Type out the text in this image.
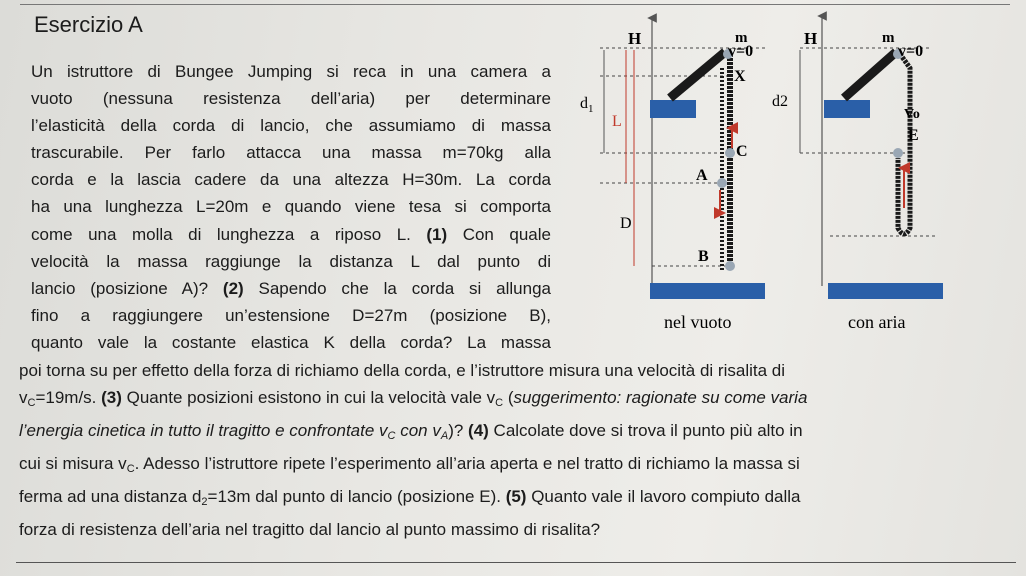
Esercizio A

Un istruttore di Bungee Jumping si reca in una camera a
vuoto (nessuna resistenza dell’aria) per determinare
l’elasticità della corda di lancio, che assumiamo di massa
trascurabile. Per farlo attacca una massa m=70kg alla
corda e la lascia cadere da una altezza H=30m. La corda
ha una lunghezza L=20m e quando viene tesa si comporta
come una molla di lunghezza a riposo L. (1) Con quale
velocità la massa raggiunge la distanza L dal punto di
lancio (posizione A)? (2) Sapendo che la corda si allunga
fino a raggiungere un’estensione D=27m (posizione B),
quanto vale la costante elastica K della corda? La massa

poi torna su per effetto della forza di richiamo della corda, e l’istruttore misura una velocità di risalita di
$v_C=19m/s$. (3) Quante posizioni esistono in cui la velocità vale $v_C$ (suggerimento: ragionate su come varia
l’energia cinetica in tutto il tragitto e confrontate $v_C$ con $v_A$)? (4) Calcolate dove si trova il punto più alto in
cui si misura $v_C$. Adesso l’istruttore ripete l’esperimento all’aria aperta e nel tratto di richiamo la massa si
ferma ad una distanza $d_2=13m$ dal punto di lancio (posizione E). (5) Quanto vale il lavoro compiuto dalla
forza di resistenza dell’aria nel tragitto dal lancio al punto massimo di risalita?

H
$d_1$
L
D
m
v=0
X
C
A
B
nel vuoto
H
d2
m
v=0
Vo
E
con aria
